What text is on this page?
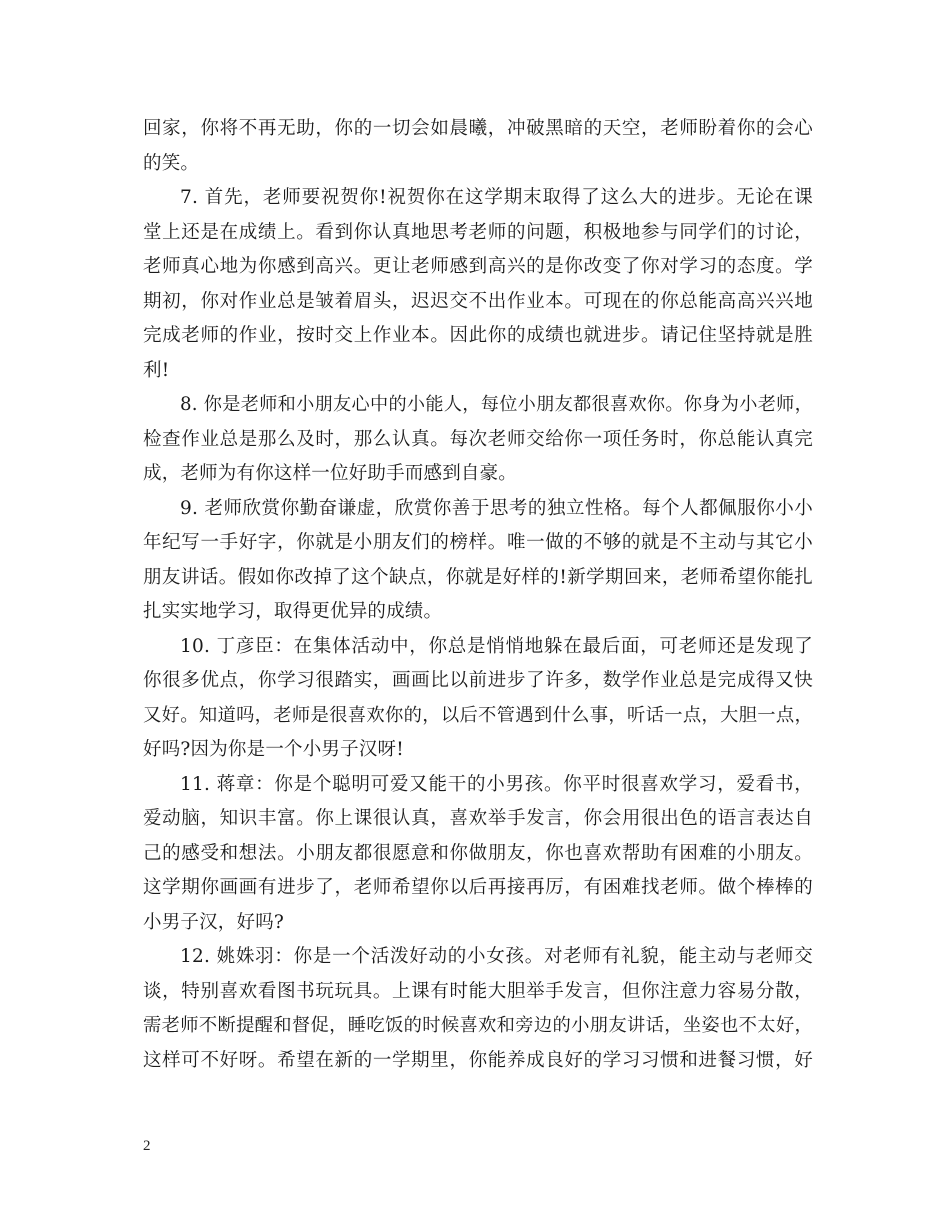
回家，你将不再无助，你的一切会如晨曦，冲破黑暗的天空，老师盼着你的会心
的笑。
7. 首先，老师要祝贺你!祝贺你在这学期末取得了这么大的进步。无论在课
堂上还是在成绩上。看到你认真地思考老师的问题，积极地参与同学们的讨论，
老师真心地为你感到高兴。更让老师感到高兴的是你改变了你对学习的态度。学
期初，你对作业总是皱着眉头，迟迟交不出作业本。可现在的你总能高高兴兴地
完成老师的作业，按时交上作业本。因此你的成绩也就进步。请记住坚持就是胜
利!
8. 你是老师和小朋友心中的小能人，每位小朋友都很喜欢你。你身为小老师，
检查作业总是那么及时，那么认真。每次老师交给你一项任务时，你总能认真完
成，老师为有你这样一位好助手而感到自豪。
9. 老师欣赏你勤奋谦虚，欣赏你善于思考的独立性格。每个人都佩服你小小
年纪写一手好字，你就是小朋友们的榜样。唯一做的不够的就是不主动与其它小
朋友讲话。假如你改掉了这个缺点，你就是好样的!新学期回来，老师希望你能扎
扎实实地学习，取得更优异的成绩。
10. 丁彦臣：在集体活动中，你总是悄悄地躲在最后面，可老师还是发现了
你很多优点，你学习很踏实，画画比以前进步了许多，数学作业总是完成得又快
又好。知道吗，老师是很喜欢你的，以后不管遇到什么事，听话一点，大胆一点，
好吗?因为你是一个小男子汉呀!
11. 蒋章：你是个聪明可爱又能干的小男孩。你平时很喜欢学习，爱看书，
爱动脑，知识丰富。你上课很认真，喜欢举手发言，你会用很出色的语言表达自
己的感受和想法。小朋友都很愿意和你做朋友，你也喜欢帮助有困难的小朋友。
这学期你画画有进步了，老师希望你以后再接再厉，有困难找老师。做个棒棒的
小男子汉，好吗?
12. 姚姝羽：你是一个活泼好动的小女孩。对老师有礼貌，能主动与老师交
谈，特别喜欢看图书玩玩具。上课有时能大胆举手发言，但你注意力容易分散，
需老师不断提醒和督促，睡吃饭的时候喜欢和旁边的小朋友讲话，坐姿也不太好，
这样可不好呀。希望在新的一学期里，你能养成良好的学习习惯和进餐习惯，好
2
